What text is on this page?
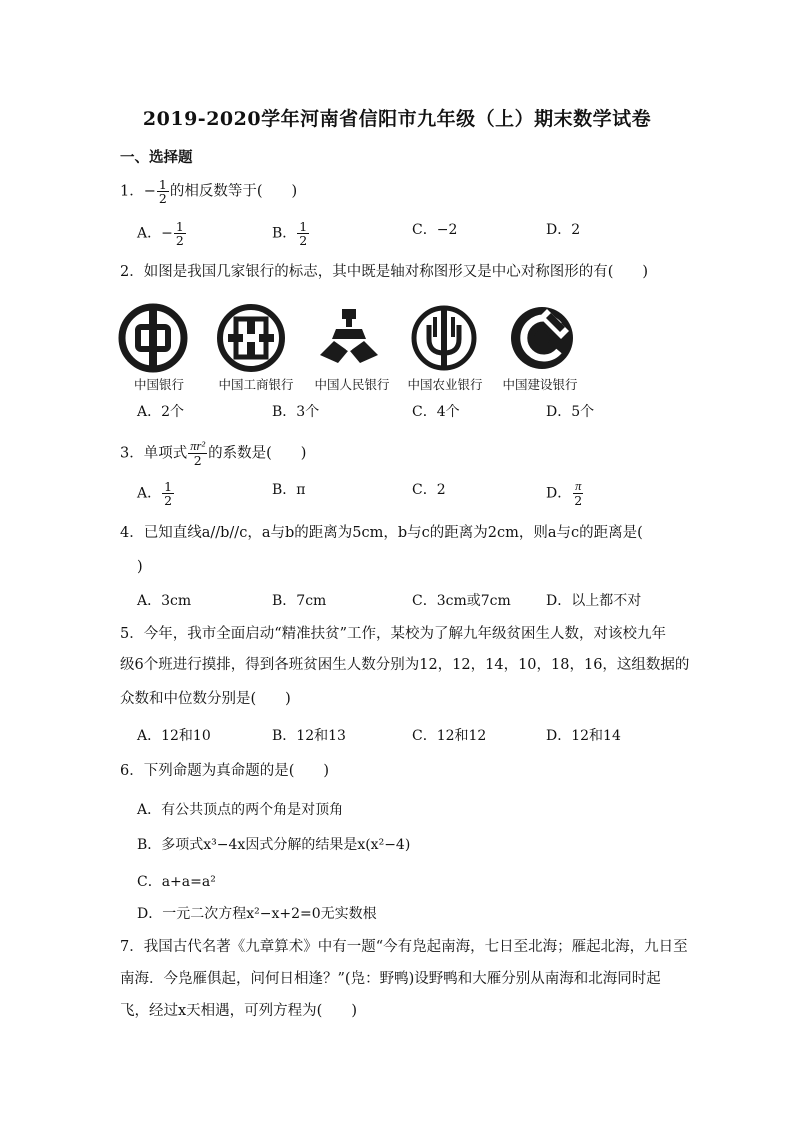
2019-2020学年河南省信阳市九年级（上）期末数学试卷
一、选择题
1．− $\frac{1}{2}$ 的相反数等于(　　)
A．− $\frac{1}{2}$	B． $\frac{1}{2}$	C．−2	D．2
2．如图是我国几家银行的标志，其中既是轴对称图形又是中心对称图形的有(　　)
中国银行	中国工商银行	中国人民银行	中国农业银行	中国建设银行
A．2个	B．3个	C．4个	D．5个
3．单项式 $\frac{\text{πr²}}{2}$ 的系数是(　　)
A． $\frac{1}{2}$	B．π	C．2	D． $\frac{\pi}{2}$
4．已知直线a//b//c，a与b的距离为5cm，b与c的距离为2cm，则a与c的距离是(
)
A．3cm	B．7cm	C．3cm或7cm	D．以上都不对
5．今年，我市全面启动“精准扶贫”工作，某校为了解九年级贫困生人数，对该校九年
级6个班进行摸排，得到各班贫困生人数分别为12，12，14，10，18，16，这组数据的
众数和中位数分别是(　　)
A．12和10	B．12和13	C．12和12	D．12和14
6．下列命题为真命题的是(　　)
A．有公共顶点的两个角是对顶角
B．多项式x³−4x因式分解的结果是x(x²−4)
C．a+a=a²
D．一元二次方程x²−x+2=0无实数根
7．我国古代名著《九章算术》中有一题“今有凫起南海，七日至北海；雁起北海，九日至
南海．今凫雁俱起，问何日相逢？”(凫：野鸭)设野鸭和大雁分别从南海和北海同时起
飞，经过x天相遇，可列方程为(　　)
